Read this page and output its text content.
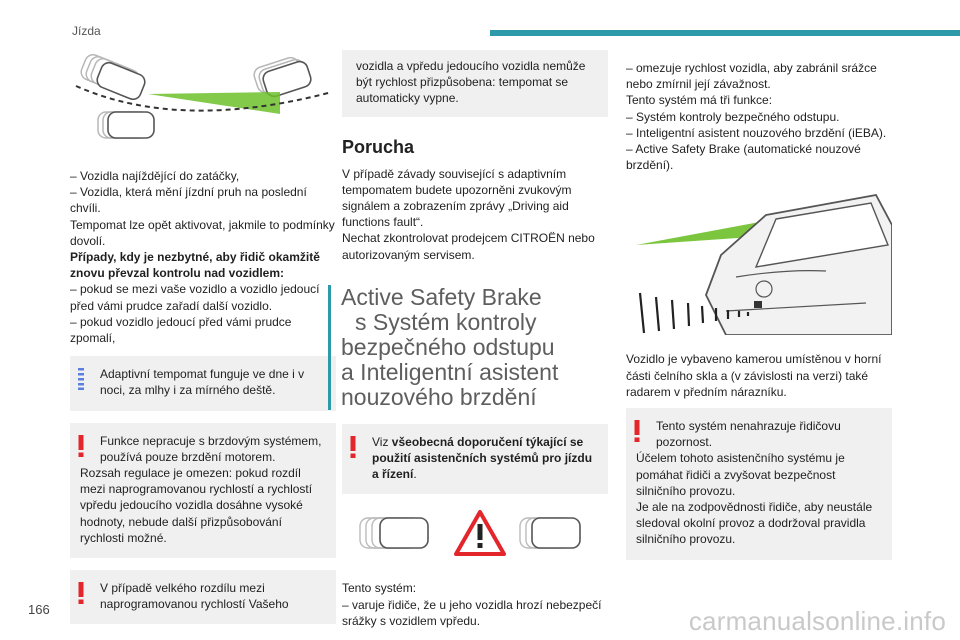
Jízda

– Vozidla najíždějící do zatáčky,

– Vozidla, která mění jízdní pruh na poslední chvíli.

Tempomat lze opět aktivovat, jakmile to podmínky dovolí.

Případy, kdy je nezbytné, aby řidič okamžitě znovu převzal kontrolu nad vozidlem:

– pokud se mezi vaše vozidlo a vozidlo jedoucí před vámi prudce zařadí další vozidlo.

– pokud vozidlo jedoucí před vámi prudce zpomalí,

Adaptivní tempomat funguje ve dne i v noci, za mlhy i za mírného deště.

Funkce nepracuje s brzdovým systémem, používá pouze brzdění motorem.

Rozsah regulace je omezen: pokud rozdíl mezi naprogramovanou rychlostí a rychlostí vpředu jedoucího vozidla dosáhne vysoké hodnoty, nebude další přizpůsobování rychlosti možné.

V případě velkého rozdílu mezi naprogramovanou rychlostí Vašeho

vozidla a vpředu jedoucího vozidla nemůže být rychlost přizpůsobena: tempomat se automaticky vypne.

Porucha

V případě závady související s adaptivním tempomatem budete upozorněni zvukovým signálem a zobrazením zprávy „Driving aid functions fault“.

Nechat zkontrolovat prodejcem CITROËN nebo autorizovaným servisem.

Active Safety Brake
s Systém kontroly
bezpečného odstupu
a Inteligentní asistent
nouzového brzdění

Viz všeobecná doporučení týkající se použití asistenčních systémů pro jízdu a řízení.

Tento systém:

– varuje řidiče, že u jeho vozidla hrozí nebezpečí srážky s vozidlem vpředu.

– omezuje rychlost vozidla, aby zabránil srážce nebo zmírnil její závažnost.

Tento systém má tři funkce:

– Systém kontroly bezpečného odstupu.

– Inteligentní asistent nouzového brzdění (iEBA).

– Active Safety Brake (automatické nouzové brzdění).

Vozidlo je vybaveno kamerou umístěnou v horní části čelního skla a (v závislosti na verzi) také radarem v předním nárazníku.

Tento systém nenahrazuje řidičovu pozornost.

Účelem tohoto asistenčního systému je pomáhat řidiči a zvyšovat bezpečnost silničního provozu.

Je ale na zodpovědnosti řidiče, aby neustále sledoval okolní provoz a dodržoval pravidla silničního provozu.

166	carmanualsonline.info
